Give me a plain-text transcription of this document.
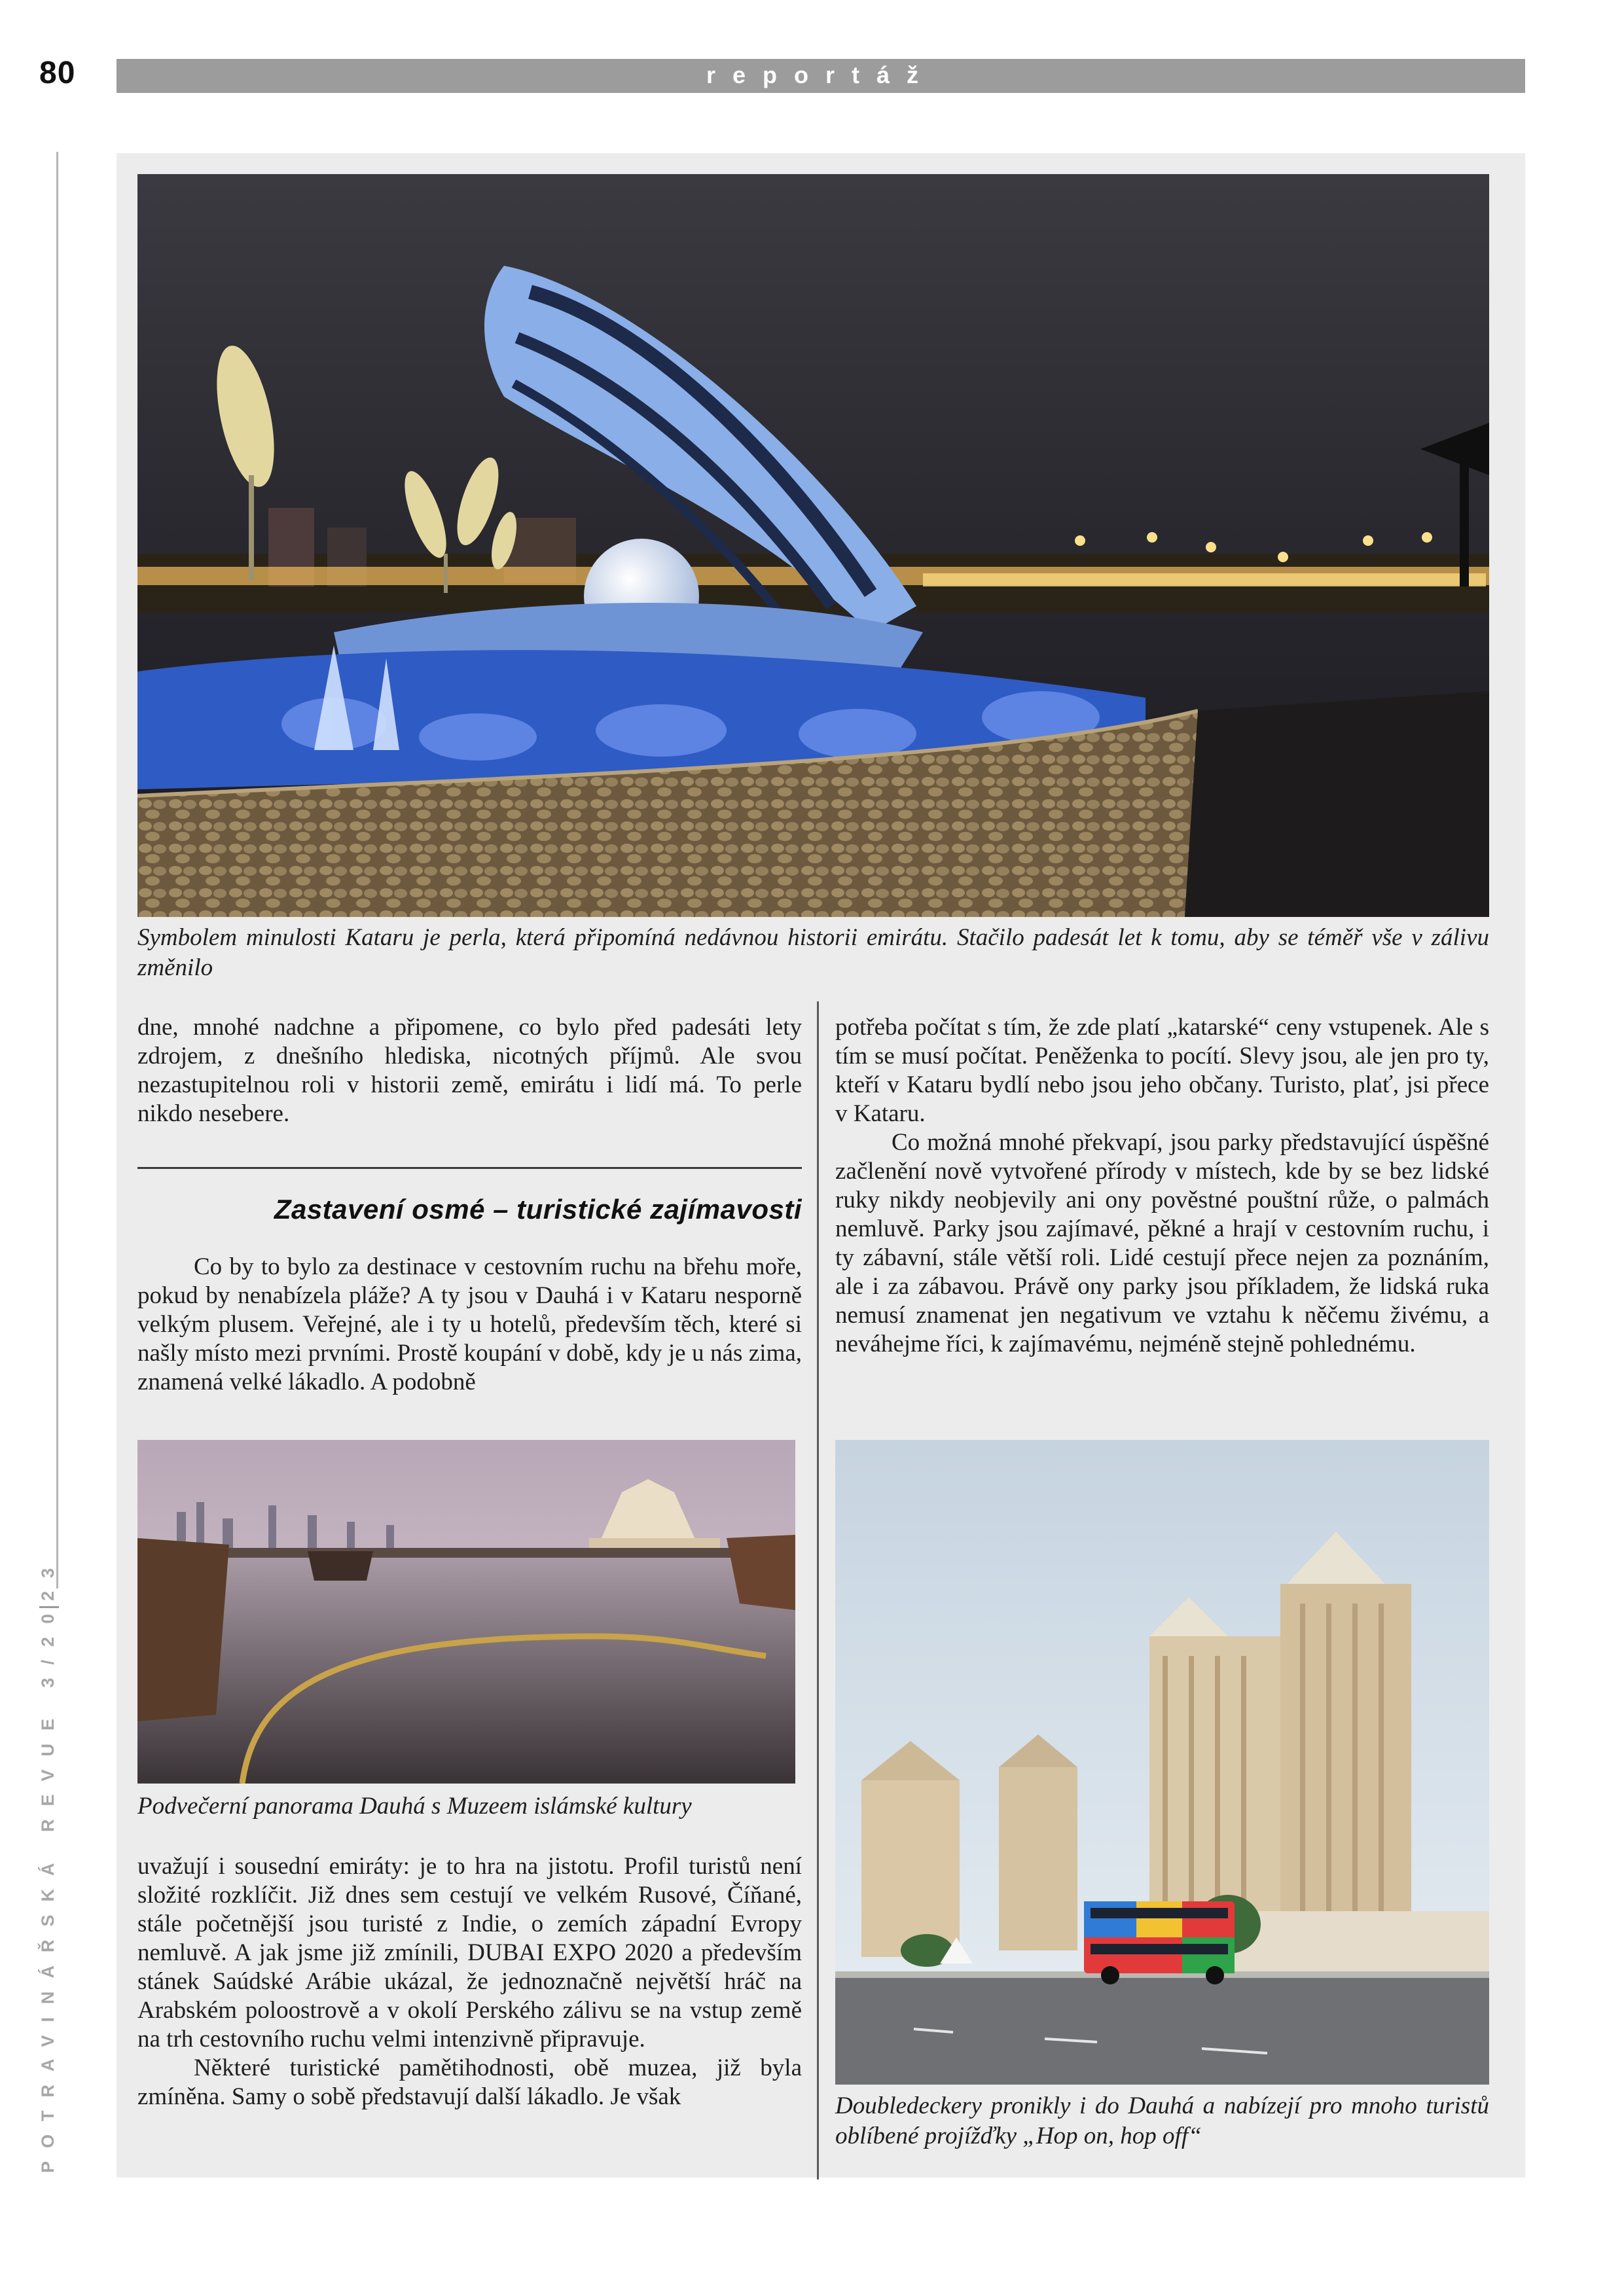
80	reportáž
POTRAVINÁŘSKÁ REVUE 3/2023
Symbolem minulosti Kataru je perla, která připomíná nedávnou historii emirátu. Stačilo padesát let k tomu, aby se téměř vše v zálivu změnilo

dne, mnohé nadchne a připomene, co bylo před padesáti lety zdrojem, z dnešního hlediska, nicotných příjmů. Ale svou nezastupitelnou roli v historii země, emirátu i lidí má. To perle nikdo nesebere.

Zastavení osmé – turistické zajímavosti

Co by to bylo za destinace v cestovním ruchu na břehu moře, pokud by nenabízela pláže? A ty jsou v Dauhá i v Kataru nesporně velkým plusem. Veřejné, ale i ty u hotelů, především těch, které si našly místo mezi prvními. Prostě koupání v době, kdy je u nás zima, znamená velké lákadlo. A podobně

potřeba počítat s tím, že zde platí „katarské“ ceny vstupenek. Ale s tím se musí počítat. Peněženka to pocítí. Slevy jsou, ale jen pro ty, kteří v Kataru bydlí nebo jsou jeho občany. Turisto, plať, jsi přece v Kataru.

Co možná mnohé překvapí, jsou parky představující úspěšné začlenění nově vytvořené přírody v místech, kde by se bez lidské ruky nikdy neobjevily ani ony pověstné pouštní růže, o palmách nemluvě. Parky jsou zajímavé, pěkné a hrají v cestovním ruchu, i ty zábavní, stále větší roli. Lidé cestují přece nejen za poznáním, ale i za zábavou. Právě ony parky jsou příkladem, že lidská ruka nemusí znamenat jen negativum ve vztahu k něčemu živému, a neváhejme říci, k zajímavému, nejméně stejně pohlednému.

Podvečerní panorama Dauhá s Muzeem islámské kultury

uvažují i sousední emiráty: je to hra na jistotu. Profil turistů není složité rozklíčit. Již dnes sem cestují ve velkém Rusové, Číňané, stále početnější jsou turisté z Indie, o zemích západní Evropy nemluvě. A jak jsme již zmínili, DUBAI EXPO 2020 a především stánek Saúdské Arábie ukázal, že jednoznačně největší hráč na Arabském poloostrově a v okolí Perského zálivu se na vstup země na trh cestovního ruchu velmi intenzivně připravuje.

Některé turistické pamětihodnosti, obě muzea, již byla zmíněna. Samy o sobě představují další lákadlo. Je však	Doubledeckery pronikly i do Dauhá a nabízejí pro mnoho turistů oblíbené projížďky „Hop on, hop off“
